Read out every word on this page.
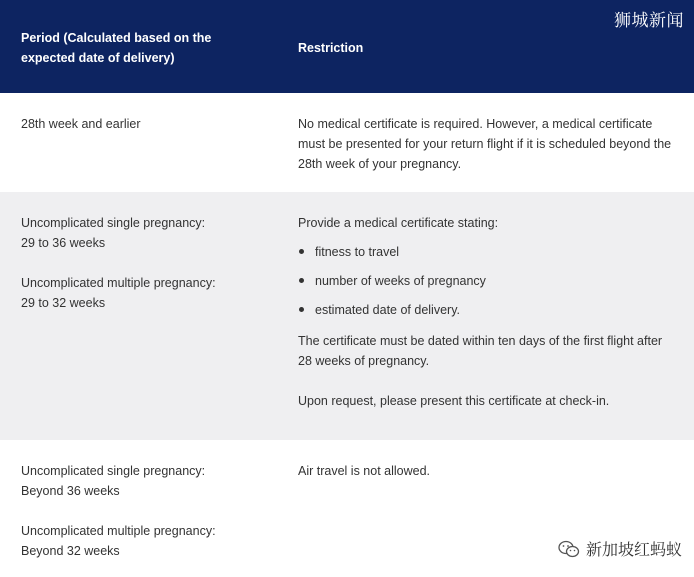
Period (Calculated based on the expected date of delivery)
Restriction
狮城新闻

28th week and earlier	No medical certificate is required. However, a medical certificate must be presented for your return flight if it is scheduled beyond the 28th week of your pregnancy.

Uncomplicated single pregnancy:

29 to 36 weeks

Uncomplicated multiple pregnancy:

29 to 32 weeks

Provide a medical certificate stating:

fitness to travel
number of weeks of pregnancy
estimated date of delivery.

The certificate must be dated within ten days of the first flight after 28 weeks of pregnancy.

Upon request, please present this certificate at check-in.

Uncomplicated single pregnancy:

Beyond 36 weeks

Uncomplicated multiple pregnancy:

Beyond 32 weeks

Air travel is not allowed.

新加坡红蚂蚁
